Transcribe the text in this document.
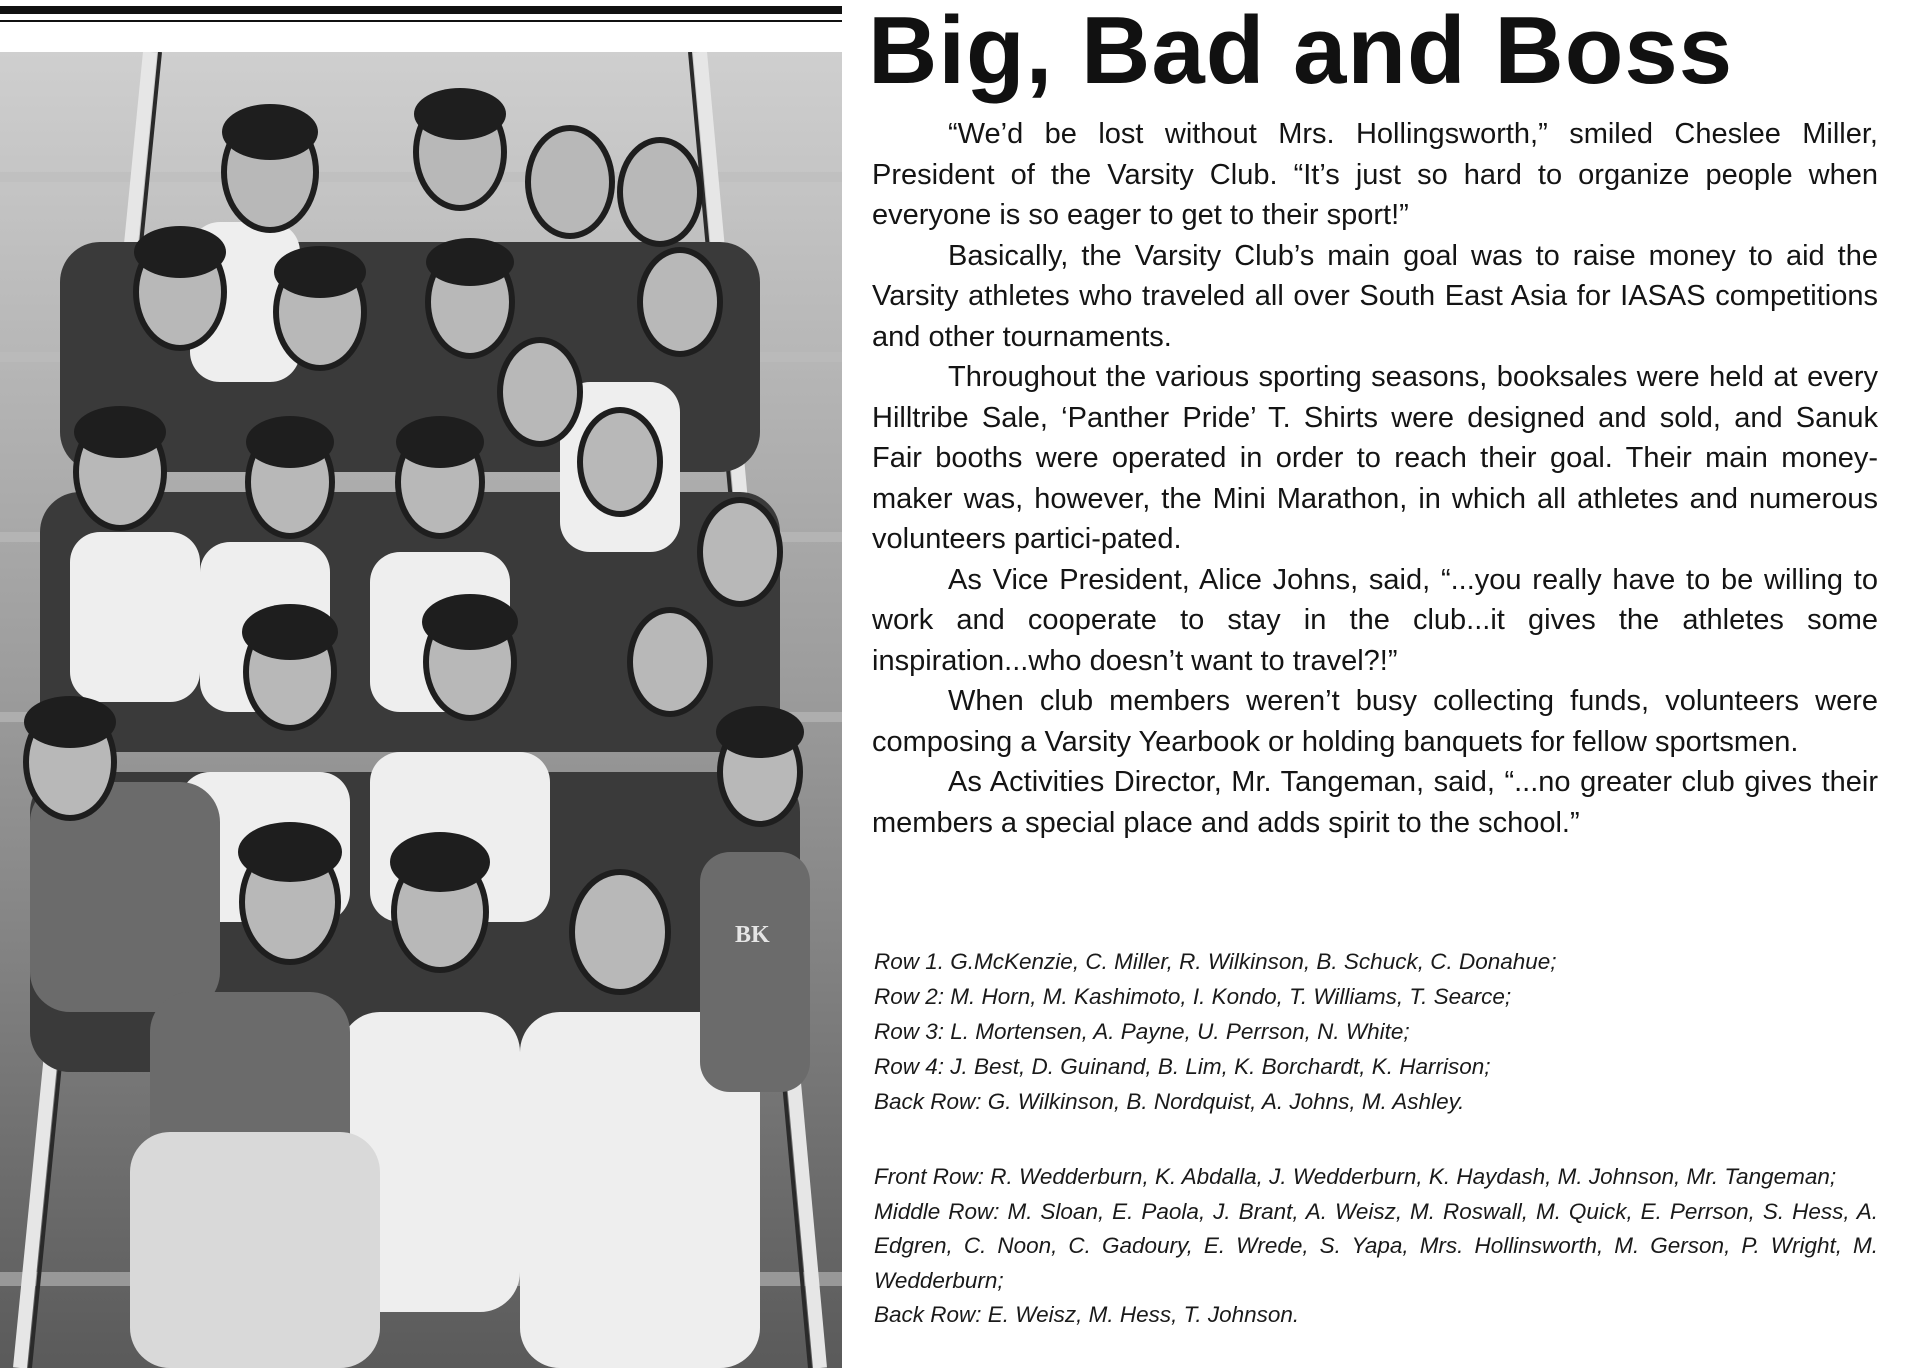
BK
Big, Bad and Boss

“We’d be lost without Mrs. Hollingsworth,” smiled Cheslee Miller, President of the Varsity Club. “It’s just so hard to organize people when everyone is so eager to get to their sport!”

Basically, the Varsity Club’s main goal was to raise money to aid the Varsity athletes who traveled all over South East Asia for IASAS competitions and other tournaments.

Throughout the various sporting seasons, booksales were held at every Hilltribe Sale, ‘Panther Pride’ T. Shirts were designed and sold, and Sanuk Fair booths were operated in order to reach their goal. Their main money-maker was, however, the Mini Marathon, in which all athletes and numerous volunteers partici-pated.

As Vice President, Alice Johns, said, “...you really have to be willing to work and cooperate to stay in the club...it gives the athletes some inspiration...who doesn’t want to travel?!”

When club members weren’t busy collecting funds, volunteers were composing a Varsity Yearbook or holding banquets for fellow sportsmen.

As Activities Director, Mr. Tangeman, said, “...no greater club gives their members a special place and adds spirit to the school.”

Row 1. G.McKenzie, C. Miller, R. Wilkinson, B. Schuck, C. Donahue;

Row 2: M. Horn, M. Kashimoto, I. Kondo, T. Williams, T. Searce;

Row 3: L. Mortensen, A. Payne, U. Perrson, N. White;

Row 4: J. Best, D. Guinand, B. Lim, K. Borchardt, K. Harrison;

Back Row: G. Wilkinson, B. Nordquist, A. Johns, M. Ashley.

Front Row: R. Wedderburn, K. Abdalla, J. Wedderburn, K. Haydash, M. Johnson, Mr. Tangeman;

Middle Row: M. Sloan, E. Paola, J. Brant, A. Weisz, M. Roswall, M. Quick, E. Perrson, S. Hess, A. Edgren, C. Noon, C. Gadoury, E. Wrede, S. Yapa, Mrs. Hollinsworth, M. Gerson, P. Wright, M. Wedderburn;

Back Row: E. Weisz, M. Hess, T. Johnson.
